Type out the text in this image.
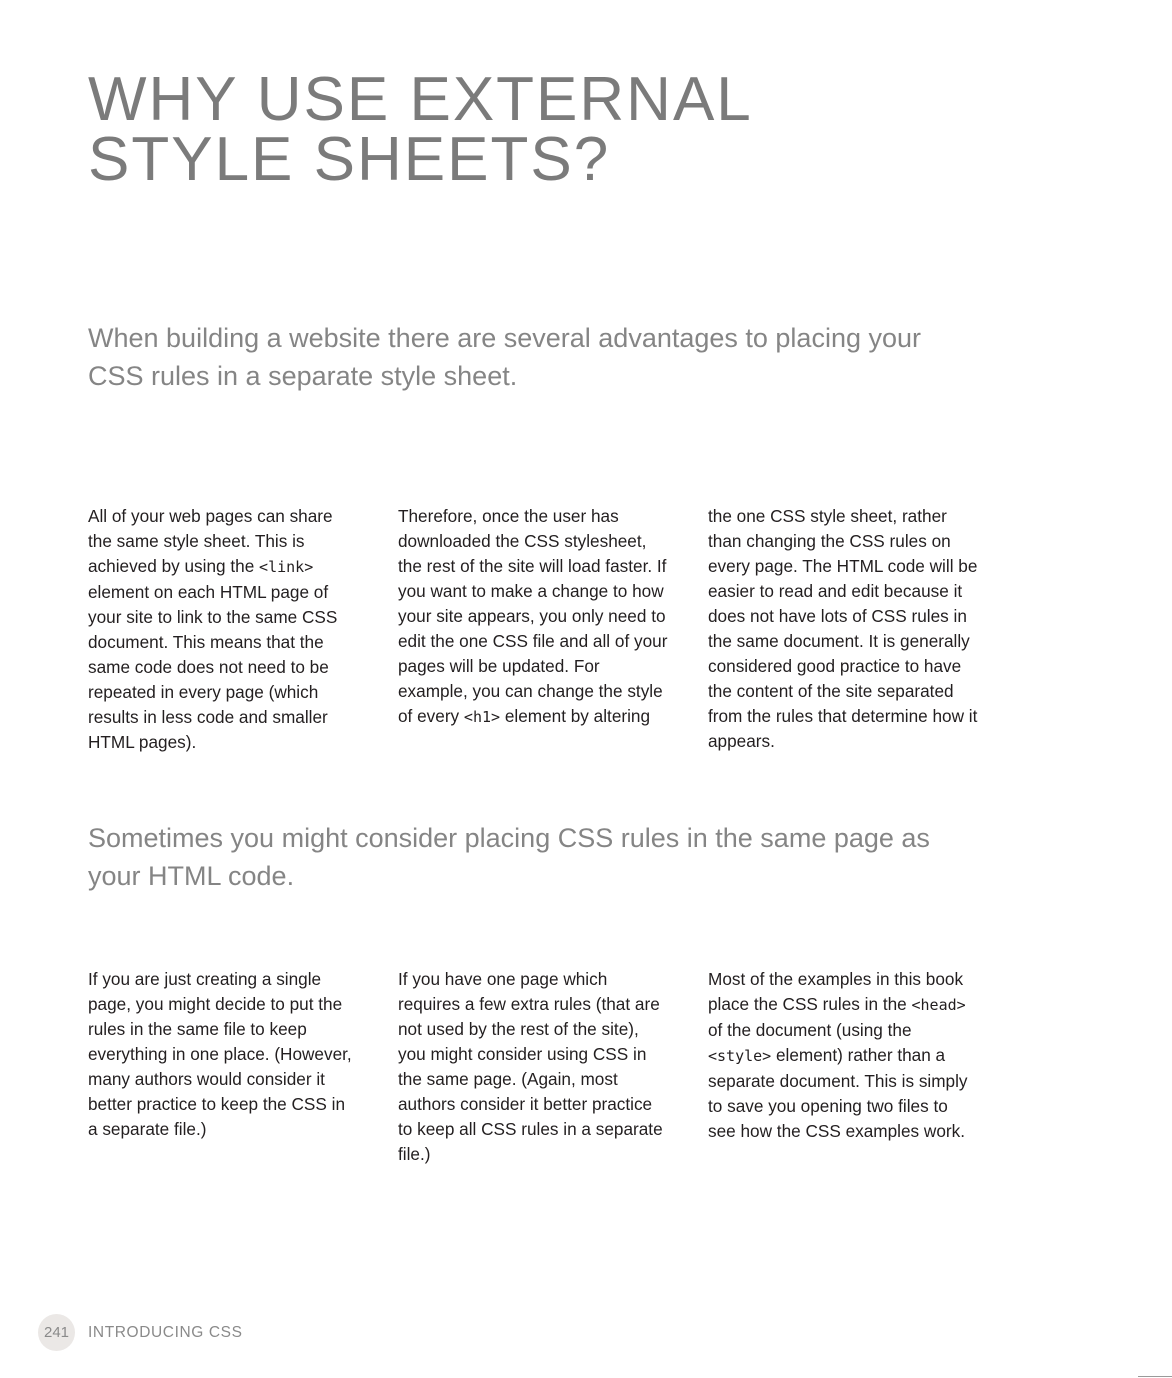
WHY USE EXTERNAL
STYLE SHEETS?

When building a website there are several advantages to placing your CSS rules in a separate style sheet.

All of your web pages can share the same style sheet. This is achieved by using the <link> element on each HTML page of your site to link to the same CSS document. This means that the same code does not need to be repeated in every page (which results in less code and smaller HTML pages).

Therefore, once the user has downloaded the CSS stylesheet, the rest of the site will load faster. If you want to make a change to how your site appears, you only need to edit the one CSS file and all of your pages will be updated. For example, you can change the style of every <h1> element by altering

the one CSS style sheet, rather than changing the CSS rules on every page. The HTML code will be easier to read and edit because it does not have lots of CSS rules in the same document. It is generally considered good practice to have the content of the site separated from the rules that determine how it appears.

Sometimes you might consider placing CSS rules in the same page as your HTML code.

If you are just creating a single page, you might decide to put the rules in the same file to keep everything in one place. (However, many authors would consider it better practice to keep the CSS in a separate file.)

If you have one page which requires a few extra rules (that are not used by the rest of the site), you might consider using CSS in the same page. (Again, most authors consider it better practice to keep all CSS rules in a separate file.)

Most of the examples in this book place the CSS rules in the <head> of the document (using the <style> element) rather than a separate document. This is simply to save you opening two files to see how the CSS examples work.

241 INTRODUCING CSS
